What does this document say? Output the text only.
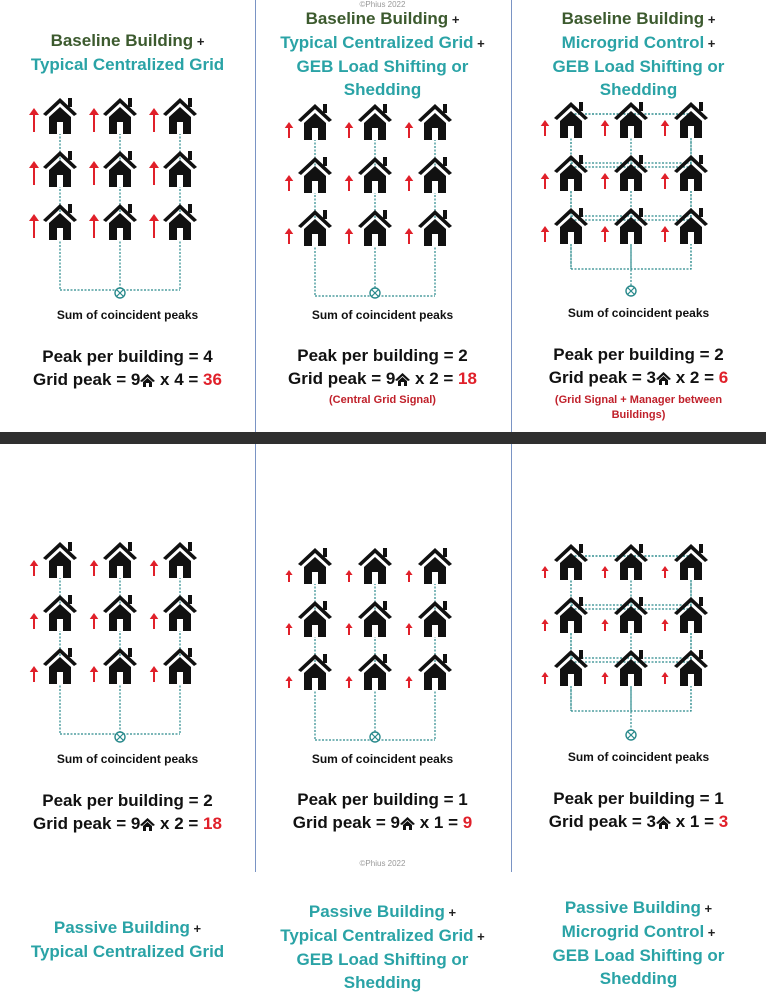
Baseline Building +
Typical Centralized Grid
Sum of coincident peaks
Peak per building = 4
Grid peak = 9 x 4 = 36
Baseline Building +
Typical Centralized Grid +
GEB Load Shifting or
Shedding
Sum of coincident peaks
Peak per building = 2
Grid peak = 9 x 2 = 18
(Central Grid Signal)
©Phius 2022
Baseline Building +
Microgrid Control +
GEB Load Shifting or
Shedding
Sum of coincident peaks
Peak per building = 2
Grid peak = 3 x 2 = 6
(Grid Signal + Manager between
Buildings)
Passive Building +
Typical Centralized Grid
Sum of coincident peaks
Peak per building = 2
Grid peak = 9 x 2 = 18
Passive Building +
Typical Centralized Grid +
GEB Load Shifting or
Shedding
Sum of coincident peaks
Peak per building = 1
Grid peak = 9 x 1 = 9
©Phius 2022
Passive Building +
Microgrid Control +
GEB Load Shifting or
Shedding
Sum of coincident peaks
Peak per building = 1
Grid peak = 3 x 1 = 3
